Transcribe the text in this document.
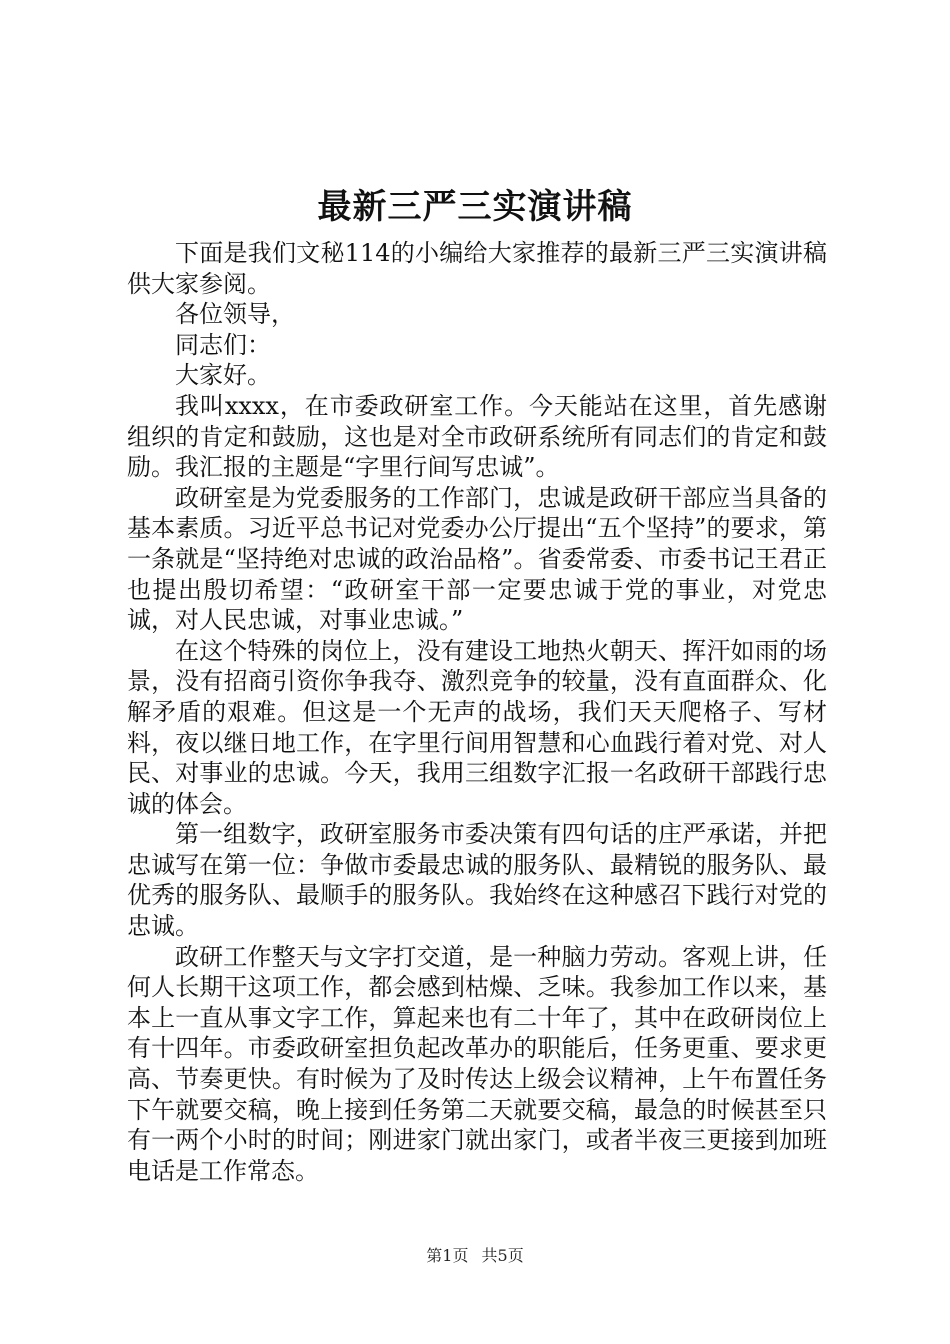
最新三严三实演讲稿

下面是我们文秘114的小编给大家推荐的最新三严三实演讲稿供大家参阅。

各位领导，

同志们：

大家好。

我叫xxxx，在市委政研室工作。今天能站在这里，首先感谢组织的肯定和鼓励，这也是对全市政研系统所有同志们的肯定和鼓励。我汇报的主题是“字里行间写忠诚”。

政研室是为党委服务的工作部门，忠诚是政研干部应当具备的基本素质。习近平总书记对党委办公厅提出“五个坚持”的要求，第一条就是“坚持绝对忠诚的政治品格”。省委常委、市委书记王君正也提出殷切希望：“政研室干部一定要忠诚于党的事业，对党忠诚，对人民忠诚，对事业忠诚。”

在这个特殊的岗位上，没有建设工地热火朝天、挥汗如雨的场景，没有招商引资你争我夺、激烈竞争的较量，没有直面群众、化解矛盾的艰难。但这是一个无声的战场，我们天天爬格子、写材料，夜以继日地工作，在字里行间用智慧和心血践行着对党、对人民、对事业的忠诚。今天，我用三组数字汇报一名政研干部践行忠诚的体会。

第一组数字，政研室服务市委决策有四句话的庄严承诺，并把忠诚写在第一位：争做市委最忠诚的服务队、最精锐的服务队、最优秀的服务队、最顺手的服务队。我始终在这种感召下践行对党的忠诚。

政研工作整天与文字打交道，是一种脑力劳动。客观上讲，任何人长期干这项工作，都会感到枯燥、乏味。我参加工作以来，基本上一直从事文字工作，算起来也有二十年了，其中在政研岗位上有十四年。市委政研室担负起改革办的职能后，任务更重、要求更高、节奏更快。有时候为了及时传达上级会议精神，上午布置任务下午就要交稿，晚上接到任务第二天就要交稿，最急的时候甚至只有一两个小时的时间；刚进家门就出家门，或者半夜三更接到加班电话是工作常态。

第1页 共5页
